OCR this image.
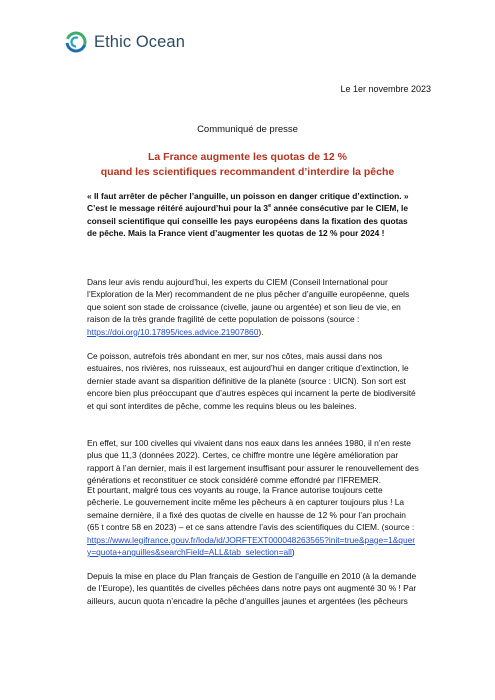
Ethic Ocean
Le 1er novembre 2023
Communiqué de presse
La France augmente les quotas de 12 %
quand les scientifiques recommandent d’interdire la pêche
« Il faut arrêter de pêcher l’anguille, un poisson en danger critique d’extinction. » C’est le message réitéré aujourd’hui pour la 3e année consécutive par le CIEM, le conseil scientifique qui conseille les pays européens dans la fixation des quotas de pêche. Mais la France vient d’augmenter les quotas de 12 % pour 2024 !
Dans leur avis rendu aujourd’hui, les experts du CIEM (Conseil International pour l’Exploration de la Mer) recommandent de ne plus pêcher d’anguille européenne, quels que soient son stade de croissance (civelle, jaune ou argentée) et son lieu de vie, en raison de la très grande fragilité de cette population de poissons (source : https://doi.org/10.17895/ices.advice.21907860).
Ce poisson, autrefois très abondant en mer, sur nos côtes, mais aussi dans nos estuaires, nos rivières, nos ruisseaux, est aujourd’hui en danger critique d’extinction, le dernier stade avant sa disparition définitive de la planète (source : UICN). Son sort est encore bien plus préoccupant que d’autres espèces qui incarnent la perte de biodiversité et qui sont interdites de pêche, comme les requins bleus ou les baleines.
En effet, sur 100 civelles qui vivaient dans nos eaux dans les années 1980, il n’en reste plus que 11,3 (données 2022). Certes, ce chiffre montre une légère amélioration par rapport à l’an dernier, mais il est largement insuffisant pour assurer le renouvellement des générations et reconstituer ce stock considéré comme effondré par l’IFREMER.
Et pourtant, malgré tous ces voyants au rouge, la France autorise toujours cette pêcherie. Le gouvernement incite même les pêcheurs à en capturer toujours plus ! La semaine dernière, il a fixé des quotas de civelle en hausse de 12 % pour l’an prochain (65 t contre 58 en 2023) – et ce sans attendre l’avis des scientifiques du CIEM. (source : https://www.legifrance.gouv.fr/loda/id/JORFTEXT000048263565?init=true&page=1&query=quota+anguilles&searchField=ALL&tab_selection=all)
Depuis la mise en place du Plan français de Gestion de l’anguille en 2010 (à la demande de l’Europe), les quantités de civelles pêchées dans notre pays ont augmenté 30 % ! Par ailleurs, aucun quota n’encadre la pêche d’anguilles jaunes et argentées (les pêcheurs
